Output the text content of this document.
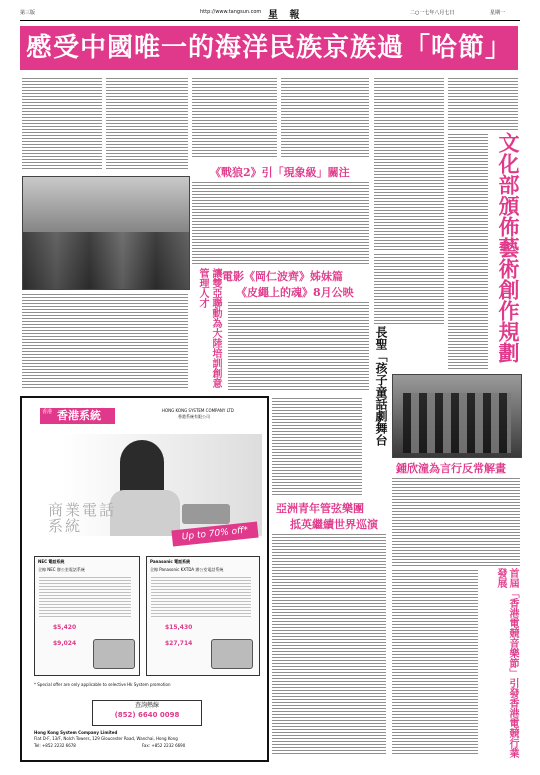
第三版	http://www.tangsun.com 星 報	二○一七年八月七日	星期一
慼受中國唯一的海洋民族京族過「哈節」
《戰狼2》引「現象級」關注
電影《岡仁波齊》姊妹篇
《皮繩上的魂》8月公映
讓雙亞聯動為大陸培訓創意管理人才	文化部頒佈藝術創作規劃
長聖「孩子童話劇舞台
鍾欣潼為言行反常解畫
亞洲青年管弦樂團
抵英繼續世界巡演
首屆「香港電競音樂節」引發香港電競行業發展
香港 香港系統	HONG KONG SYSTEM COMPANY LTD
香港系統有限公司
商業電話系統	Up to 70% off*
NEC 電話系統
全線 NEC 辦公室電話系統
$5,420
$9,024
Panasonic 電話系統
全線 Panasonic KXTDA 辦公室電話系統
$15,430
$27,714
* Special offer are only applicable to selective Hk System promotion
查詢熱線
(852) 6640 0098
Hong Kong System Company Limited
Flat D-F, 13/F, Nolch Towers, 129 Gloucester Road, Wanchai, Hong Kong
Tel: +852 2232 6678	Fax: +852 2232 6690
